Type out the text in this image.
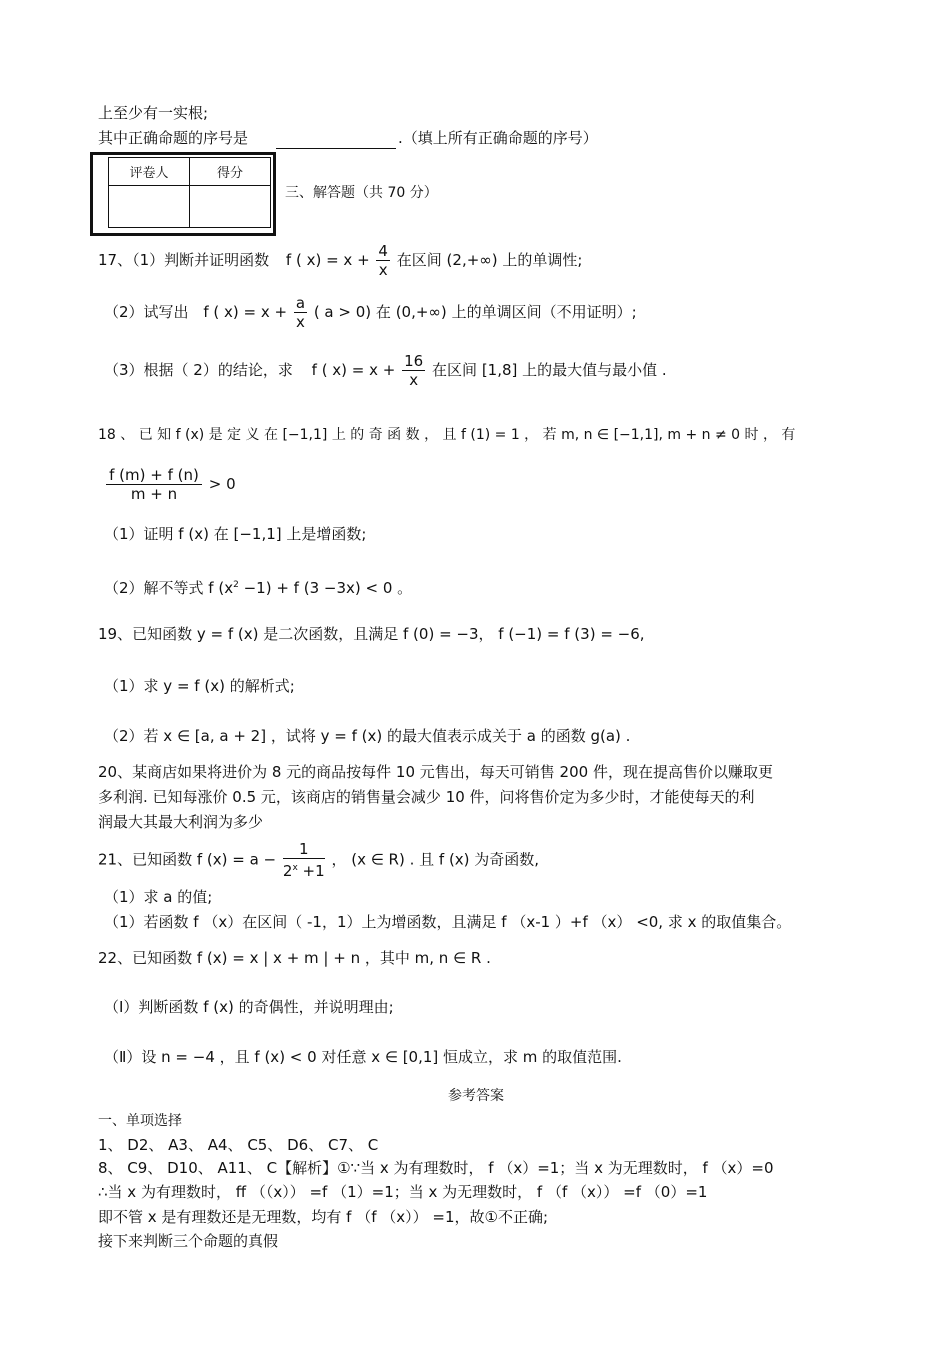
上至少有一实根;
其中正确命题的序号是	.（填上所有正确命题的序号）
评卷人	得分

三、解答题（共 70 分）
17、（1）判断并证明函数 f ( $x) = x + \frac{4}{x}$ 在区间 (2,+∞) 上的单调性;
（2）试写出 f ( $x) = x + \frac{a}{x}$ ( a > 0) 在 (0,+∞) 上的单调区间（不用证明）;
（3）根据（ 2）的结论，求 f ( $x) = x + \frac{16}{x}$ 在区间 [1,8] 上的最大值与最小值 .
18 、 已 知 f (x) 是 定 义 在 [−1,1] 上 的 奇 函 数 ， 且 f (1) = 1 ， 若 m, n ∈ [−1,1], m + n ≠ 0 时 ， 有
$\frac{f (m) + f (n)}{m + n} > 0$
（1）证明 f (x) 在 [−1,1] 上是增函数;
（2）解不等式 f $(x^2 -1) + f$ (3 −3x) < 0 。
19、已知函数 y = f (x) 是二次函数，且满足 f (0) = −3， f (−1) = f (3) = −6,
（1）求 y = f (x) 的解析式;
（2）若 x ∈ [a, a + 2] ，试将 y = f (x) 的最大值表示成关于 a 的函数 g(a) .
20、某商店如果将进价为 8 元的商品按每件 10 元售出，每天可销售 200 件，现在提高售价以赚取更
多利润. 已知每涨价 0.5 元，该商店的销售量会减少 10 件，问将售价定为多少时，才能使每天的利
润最大其最大利润为多少
21、已知函数 f $(x) = a - \frac{1}{2^x +1}$ ， (x ∈ R) . 且 f (x) 为奇函数,
（1）求 a 的值;
（1）若函数 f （x）在区间（ -1，1）上为增函数，且满足 f （x-1 ）+f （x） <0, 求 x 的取值集合。
22、已知函数 f (x) = x | x + m | + n ，其中 m, n ∈ R .
（Ⅰ）判断函数 f (x) 的奇偶性，并说明理由;
（Ⅱ）设 n = −4 ，且 f (x) < 0 对任意 x ∈ [0,1] 恒成立，求 m 的取值范围.
参考答案
一、单项选择
1、 D2、 A3、 A4、 C5、 D6、 C7、 C
8、 C9、 D10、 A11、 C【解析】①∵当 x 为有理数时， f （x）=1；当 x 为无理数时， f （x）=0
∴当 x 为有理数时， ff （（x）） =f （1）=1；当 x 为无理数时， f （f （x）） =f （0）=1
即不管 x 是有理数还是无理数，均有 f （f （x）） =1，故①不正确;
接下来判断三个命题的真假
